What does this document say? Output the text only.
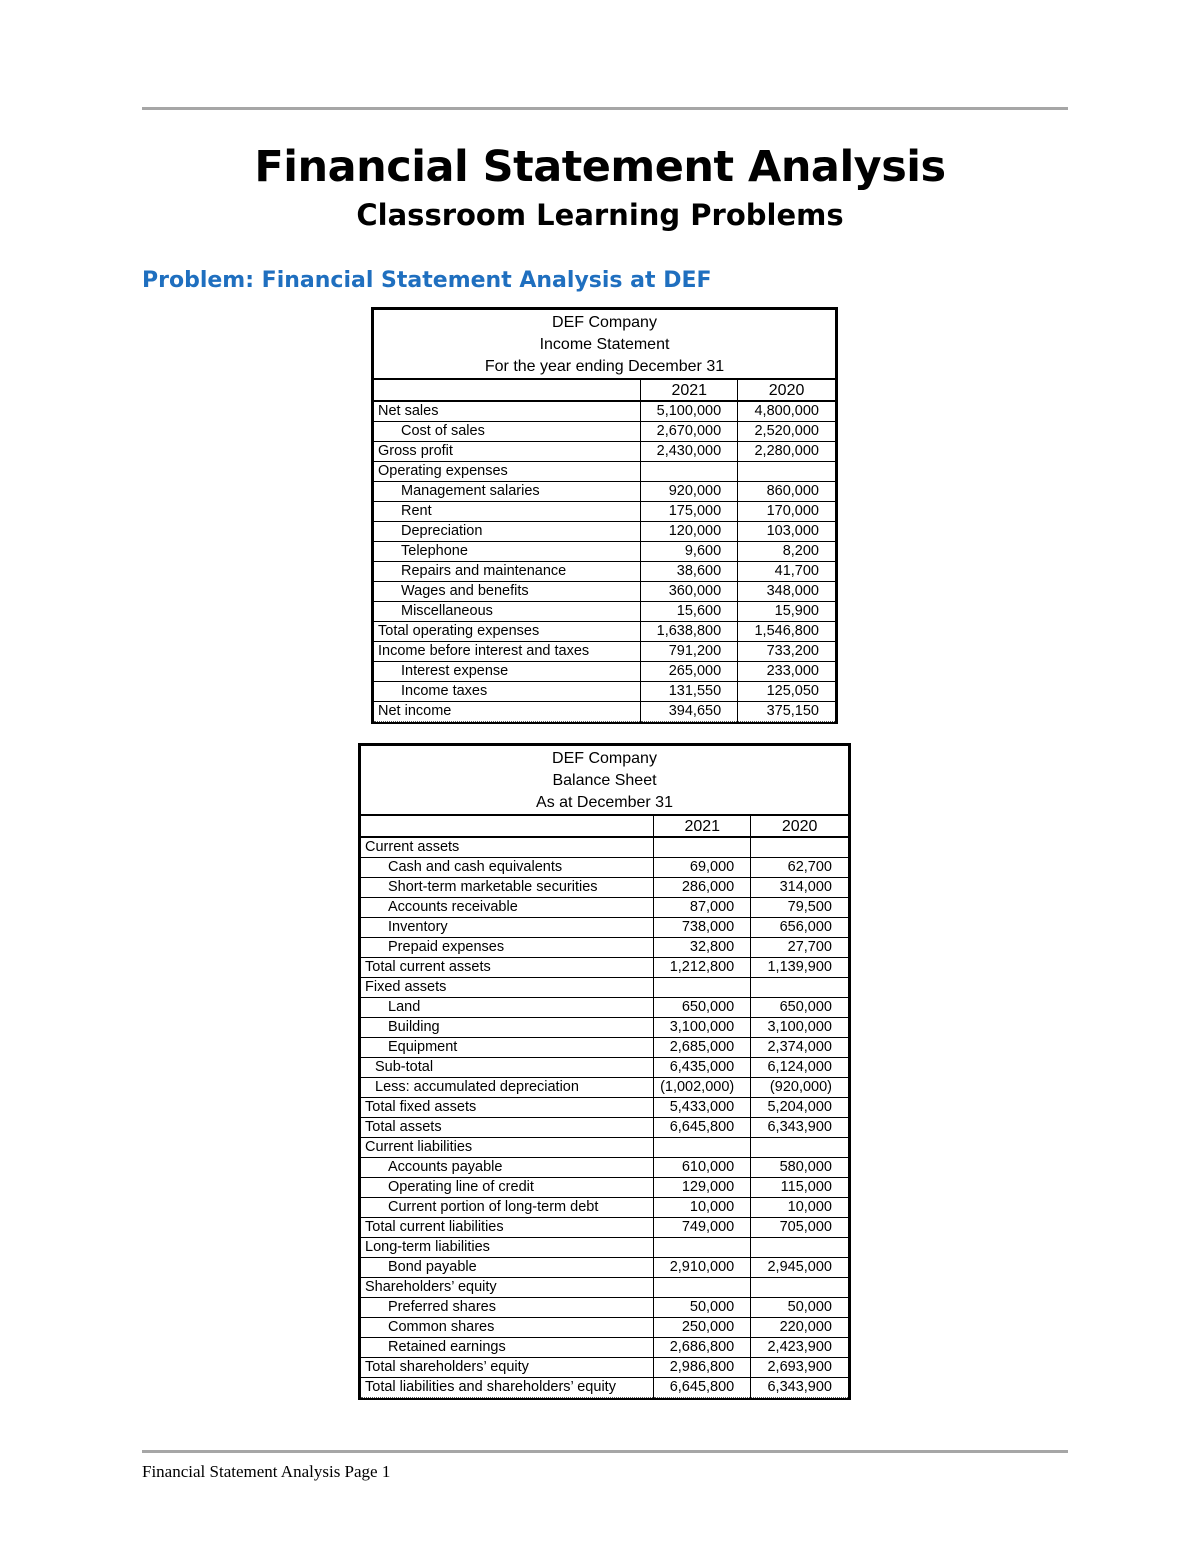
Financial Statement Analysis
Classroom Learning Problems
Problem: Financial Statement Analysis at DEF
DEF Company
Income Statement
For the year ending December 31		

	2021	2020
Net sales	5,100,000	4,800,000
Cost of sales	2,670,000	2,520,000
Gross profit	2,430,000	2,280,000
Operating expenses		
Management salaries	920,000	860,000
Rent	175,000	170,000
Depreciation	120,000	103,000
Telephone	9,600	8,200
Repairs and maintenance	38,600	41,700
Wages and benefits	360,000	348,000
Miscellaneous	15,600	15,900
Total operating expenses	1,638,800	1,546,800
Income before interest and taxes	791,200	733,200
Interest expense	265,000	233,000
Income taxes	131,550	125,050
Net income	394,650	375,150
DEF Company
Balance Sheet
As at December 31		

	2021	2020
Current assets		
Cash and cash equivalents	69,000	62,700
Short-term marketable securities	286,000	314,000
Accounts receivable	87,000	79,500
Inventory	738,000	656,000
Prepaid expenses	32,800	27,700
Total current assets	1,212,800	1,139,900
Fixed assets		
Land	650,000	650,000
Building	3,100,000	3,100,000
Equipment	2,685,000	2,374,000
Sub-total	6,435,000	6,124,000
Less: accumulated depreciation	(1,002,000)	(920,000)
Total fixed assets	5,433,000	5,204,000
Total assets	6,645,800	6,343,900
Current liabilities		
Accounts payable	610,000	580,000
Operating line of credit	129,000	115,000
Current portion of long-term debt	10,000	10,000
Total current liabilities	749,000	705,000
Long-term liabilities		
Bond payable	2,910,000	2,945,000
Shareholders’ equity		
Preferred shares	50,000	50,000
Common shares	250,000	220,000
Retained earnings	2,686,800	2,423,900
Total shareholders’ equity	2,986,800	2,693,900
Total liabilities and shareholders’ equity	6,645,800	6,343,900
Financial Statement Analysis Page 1
